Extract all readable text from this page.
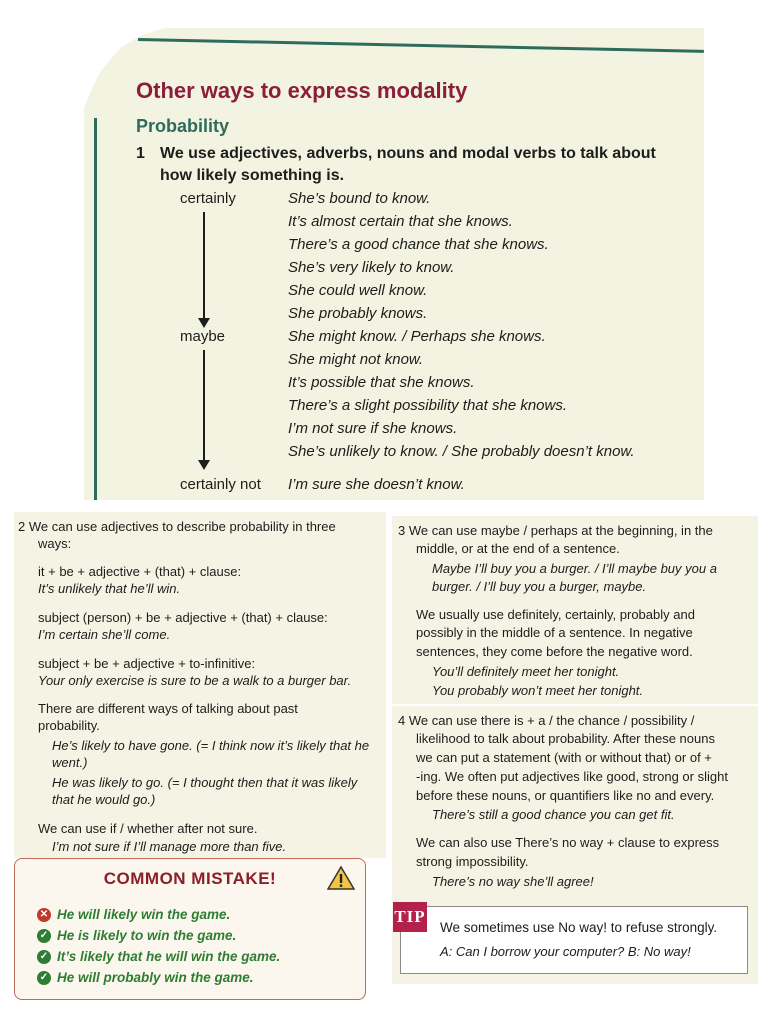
Other ways to express modality
Probability
1 We use adjectives, adverbs, nouns and modal verbs to talk about
how likely something is.
certainly
maybe
certainly not
She’s bound to know.
It’s almost certain that she knows.
There’s a good chance that she knows.
She’s very likely to know.
She could well know.
She probably knows.
She might know. / Perhaps she knows.
She might not know.
It’s possible that she knows.
There’s a slight possibility that she knows.
I’m not sure if she knows.
She’s unlikely to know. / She probably doesn’t know.
I’m sure she doesn’t know.
2 We can use adjectives to describe probability in three
ways:
it + be + adjective + (that) + clause:
It’s unlikely that he’ll win.
subject (person) + be + adjective + (that) + clause:
I’m certain she’ll come.
subject + be + adjective + to-infinitive:
Your only exercise is sure to be a walk to a burger bar.
There are different ways of talking about past
probability.
He’s likely to have gone. (= I think now it’s likely that he
went.)
He was likely to go. (= I thought then that it was likely
that he would go.)
We can use if / whether after not sure.
I’m not sure if I’ll manage more than five.
COMMON MISTAKE!
✕ He will likely win the game.
✓ He is likely to win the game.
✓ It’s likely that he will win the game.
✓ He will probably win the game.
3 We can use maybe / perhaps at the beginning, in the
middle, or at the end of a sentence.
Maybe I’ll buy you a burger. / I’ll maybe buy you a
burger. / I’ll buy you a burger, maybe.
We usually use definitely, certainly, probably and
possibly in the middle of a sentence. In negative
sentences, they come before the negative word.
You’ll definitely meet her tonight.
You probably won’t meet her tonight.
4 We can use there is + a / the chance / possibility /
likelihood to talk about probability. After these nouns
we can put a statement (with or without that) or of +
-ing. We often put adjectives like good, strong or slight
before these nouns, or quantifiers like no and every.
There’s still a good chance you can get fit.
We can also use There’s no way + clause to express
strong impossibility.
There’s no way she’ll agree!
TIP
We sometimes use No way! to refuse strongly.
A: Can I borrow your computer? B: No way!
